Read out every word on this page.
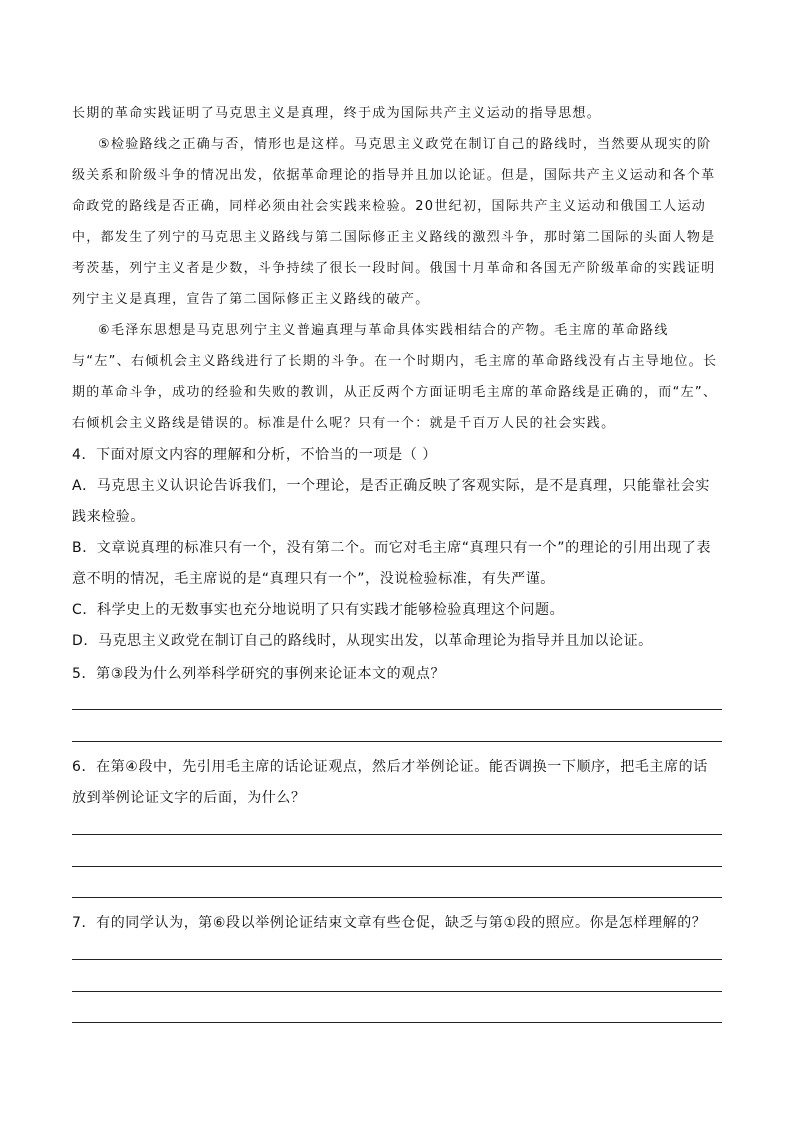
长期的革命实践证明了马克思主义是真理，终于成为国际共产主义运动的指导思想。

⑤检验路线之正确与否，情形也是这样。马克思主义政党在制订自己的路线时，当然要从现实的阶级关系和阶级斗争的情况出发，依据革命理论的指导并且加以论证。但是，国际共产主义运动和各个革命政党的路线是否正确，同样必须由社会实践来检验。20世纪初，国际共产主义运动和俄国工人运动中，都发生了列宁的马克思主义路线与第二国际修正主义路线的激烈斗争，那时第二国际的头面人物是考茨基，列宁主义者是少数，斗争持续了很长一段时间。俄国十月革命和各国无产阶级革命的实践证明列宁主义是真理，宣告了第二国际修正主义路线的破产。

⑥毛泽东思想是马克思列宁主义普遍真理与革命具体实践相结合的产物。毛主席的革命路线与“左”、右倾机会主义路线进行了长期的斗争。在一个时期内，毛主席的革命路线没有占主导地位。长期的革命斗争，成功的经验和失败的教训，从正反两个方面证明毛主席的革命路线是正确的，而“左”、右倾机会主义路线是错误的。标准是什么呢？只有一个：就是千百万人民的社会实践。

4．下面对原文内容的理解和分析，不恰当的一项是（ ）

A．马克思主义认识论告诉我们，一个理论，是否正确反映了客观实际，是不是真理，只能靠社会实践来检验。

B．文章说真理的标准只有一个，没有第二个。而它对毛主席“真理只有一个”的理论的引用出现了表意不明的情况，毛主席说的是“真理只有一个”，没说检验标准，有失严谨。

C．科学史上的无数事实也充分地说明了只有实践才能够检验真理这个问题。

D．马克思主义政党在制订自己的路线时，从现实出发，以革命理论为指导并且加以论证。

5．第③段为什么列举科学研究的事例来论证本文的观点？

6．在第④段中，先引用毛主席的话论证观点，然后才举例论证。能否调换一下顺序，把毛主席的话放到举例论证文字的后面，为什么？

7．有的同学认为，第⑥段以举例论证结束文章有些仓促，缺乏与第①段的照应。你是怎样理解的？
